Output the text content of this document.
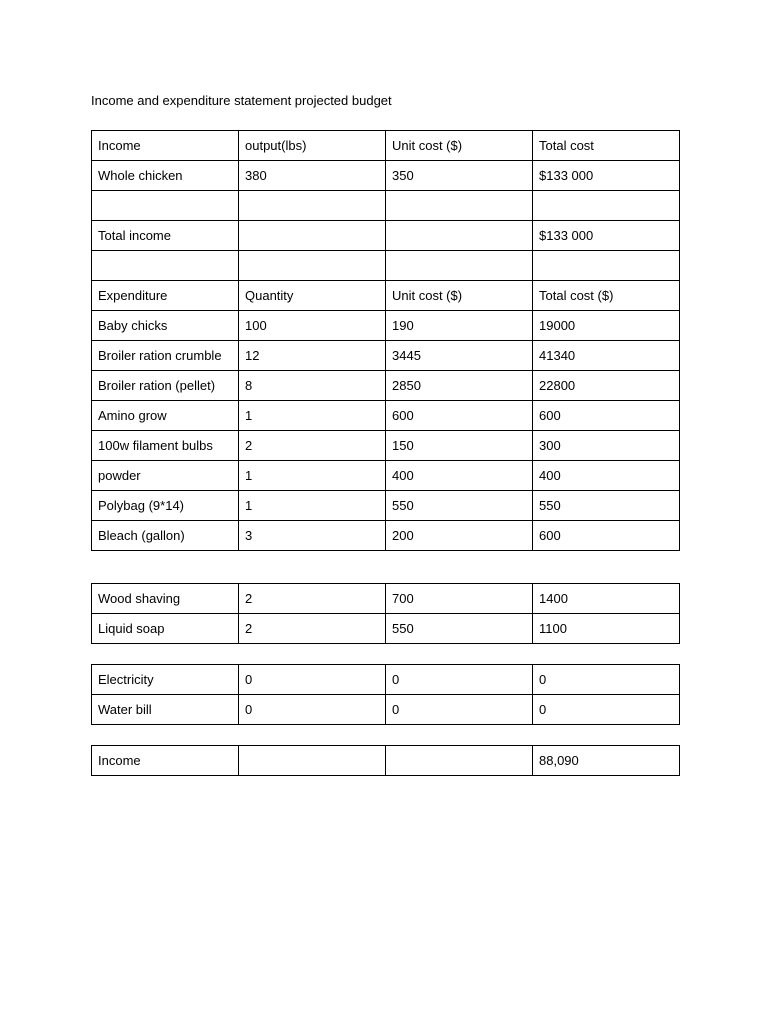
Income and expenditure statement projected budget
Income	output(lbs)	Unit cost ($)	Total cost
Whole chicken	380	350	$133 000

Total income			$133 000

Expenditure	Quantity	Unit cost ($)	Total cost ($)
Baby chicks	100	190	19000
Broiler ration crumble	12	3445	41340
Broiler ration (pellet)	8	2850	22800
Amino grow	1	600	600
100w filament bulbs	2	150	300
powder	1	400	400
Polybag (9*14)	1	550	550
Bleach (gallon)	3	200	600
Wood shaving	2	700	1400
Liquid soap	2	550	1100
Electricity	0	0	0
Water bill	0	0	0
Income			88,090
